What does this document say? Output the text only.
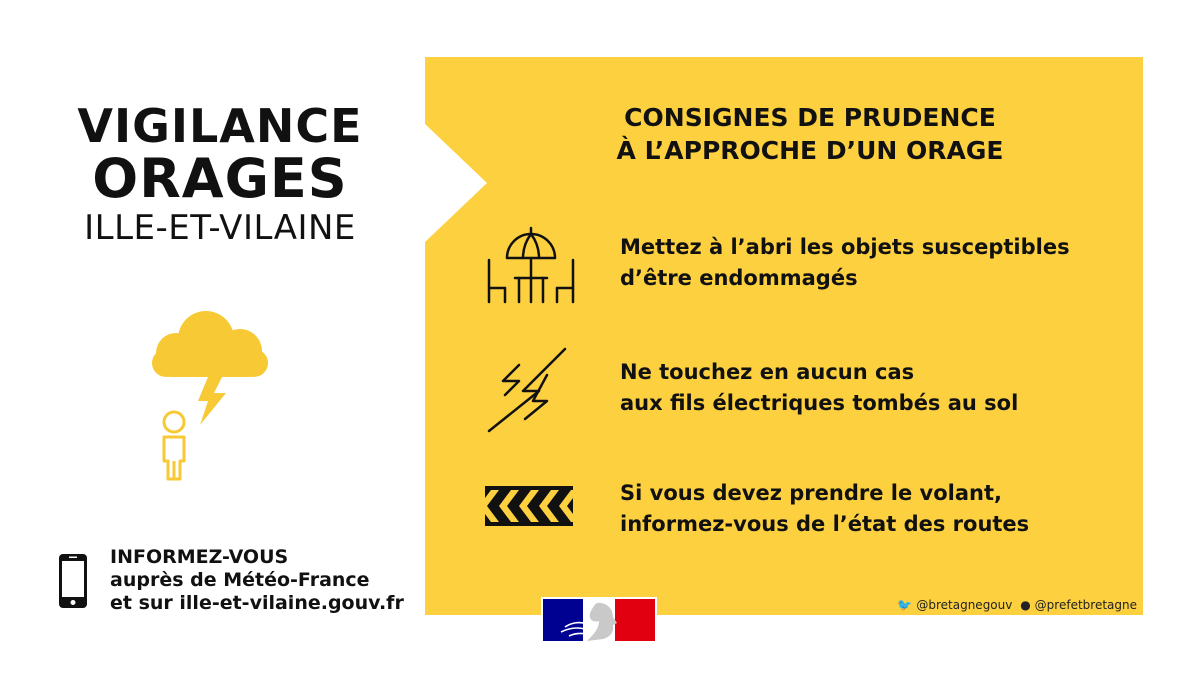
VIGILANCE
ORAGES
ILLE-ET-VILAINE
INFORMEZ-VOUS
auprès de Météo-France
et sur ille-et-vilaine.gouv.fr
CONSIGNES DE PRUDENCE
À L’APPROCHE D’UN ORAGE
Mettez à l’abri les objets susceptibles
d’être endommagés
Ne touchez en aucun cas
aux fils électriques tombés au sol
Si vous devez prendre le volant,
informez-vous de l’état des routes
🐦 @bretagnegouv ● @prefetbretagne
